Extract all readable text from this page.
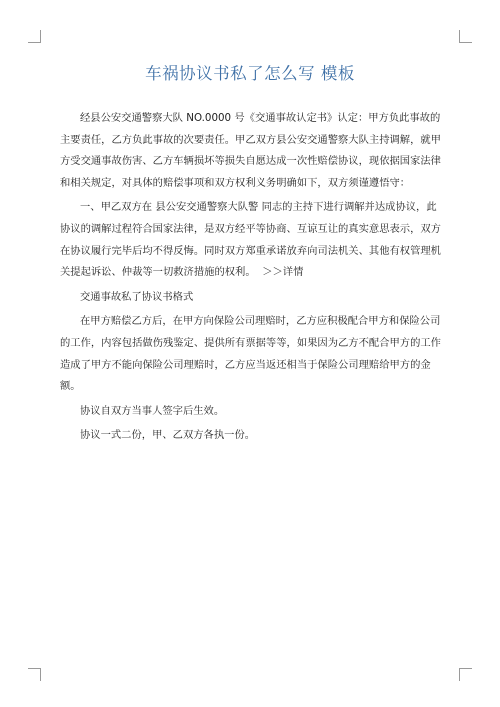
车祸协议书私了怎么写 模板

经县公安交通警察大队 NO.0000 号《交通事故认定书》认定：甲方负此事故的主要责任，乙方负此事故的次要责任。甲乙双方县公安交通警察大队主持调解，就甲方受交通事故伤害、乙方车辆损坏等损失自愿达成一次性赔偿协议，现依据国家法律和相关规定，对具体的赔偿事项和双方权利义务明确如下，双方须谨遵悟守：

一、甲乙双方在 县公安交通警察大队警 同志的主持下进行调解并达成协议，此协议的调解过程符合国家法律，是双方经平等协商、互谅互让的真实意思表示，双方在协议履行完毕后均不得反悔。同时双方郑重承诺放弃向司法机关、其他有权管理机关提起诉讼、仲裁等一切救济措施的权利。 ＞＞详情

交通事故私了协议书格式

在甲方赔偿乙方后，在甲方向保险公司理赔时，乙方应积极配合甲方和保险公司的工作，内容包括做伤残鉴定、提供所有票据等等，如果因为乙方不配合甲方的工作造成了甲方不能向保险公司理赔时，乙方应当返还相当于保险公司理赔给甲方的金额。

协议自双方当事人签字后生效。

协议一式二份，甲、乙双方各执一份。
